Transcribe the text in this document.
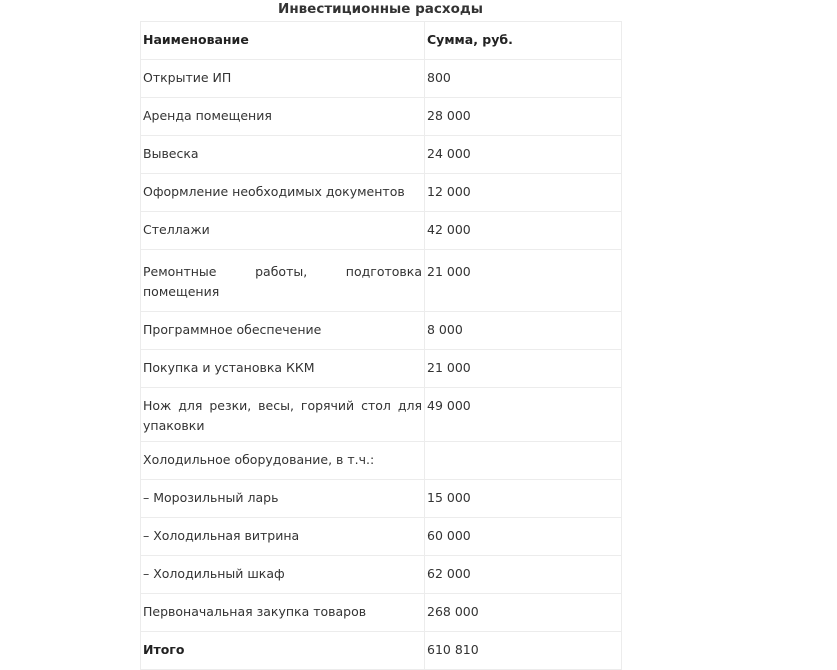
Инвестиционные расходы
Наименование	Сумма, руб.
Открытие ИП	800
Аренда помещения	28 000
Вывеска	24 000
Оформление необходимых документов	12 000
Стеллажи	42 000
Ремонтные работы, подготовка помещения	21 000
Программное обеспечение	8 000
Покупка и установка ККМ	21 000
Нож для резки, весы, горячий стол для упаковки	49 000
Холодильное оборудование, в т.ч.:	
– Морозильный ларь	15 000
– Холодильная витрина	60 000
– Холодильный шкаф	62 000
Первоначальная закупка товаров	268 000
Итого	610 810
